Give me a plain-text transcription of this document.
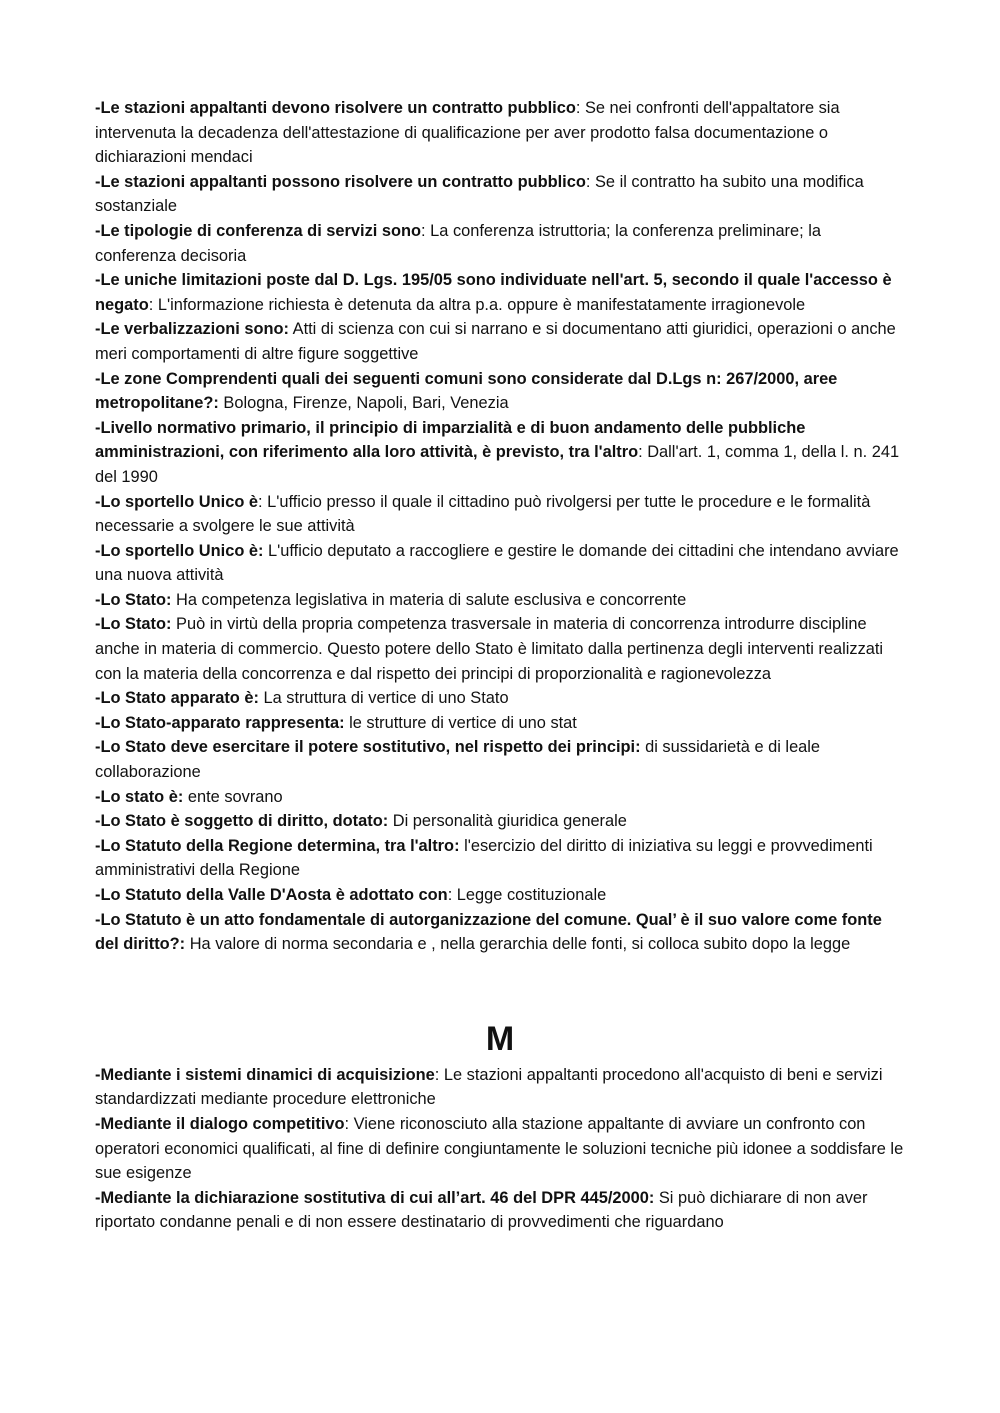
-Le stazioni appaltanti devono risolvere un contratto pubblico: Se nei confronti dell'appaltatore sia intervenuta la decadenza dell'attestazione di qualificazione per aver prodotto falsa documentazione o dichiarazioni mendaci

-Le stazioni appaltanti possono risolvere un contratto pubblico: Se il contratto ha subito una modifica sostanziale

-Le tipologie di conferenza di servizi sono: La conferenza istruttoria; la conferenza preliminare; la conferenza decisoria

-Le uniche limitazioni poste dal D. Lgs. 195/05 sono individuate nell'art. 5, secondo il quale l'accesso è negato: L'informazione richiesta è detenuta da altra p.a. oppure è manifestatamente irragionevole

-Le verbalizzazioni sono: Atti di scienza con cui si narrano e si documentano atti giuridici, operazioni o anche meri comportamenti di altre figure soggettive

-Le zone Comprendenti quali dei seguenti comuni sono considerate dal D.Lgs n: 267/2000, aree metropolitane?: Bologna, Firenze, Napoli, Bari, Venezia

-Livello normativo primario, il principio di imparzialità e di buon andamento delle pubbliche amministrazioni, con riferimento alla loro attività, è previsto, tra l'altro: Dall'art. 1, comma 1, della l. n. 241 del 1990

-Lo sportello Unico è: L'ufficio presso il quale il cittadino può rivolgersi per tutte le procedure e le formalità necessarie a svolgere le sue attività

-Lo sportello Unico è: L'ufficio deputato a raccogliere e gestire le domande dei cittadini che intendano avviare una nuova attività

-Lo Stato: Ha competenza legislativa in materia di salute esclusiva e concorrente

-Lo Stato: Può in virtù della propria competenza trasversale in materia di concorrenza introdurre discipline anche in materia di commercio. Questo potere dello Stato è limitato dalla pertinenza degli interventi realizzati con la materia della concorrenza e dal rispetto dei principi di proporzionalità e ragionevolezza

-Lo Stato apparato è: La struttura di vertice di uno Stato

-Lo Stato-apparato rappresenta: le strutture di vertice di uno stat

-Lo Stato deve esercitare il potere sostitutivo, nel rispetto dei principi: di sussidarietà e di leale collaborazione

-Lo stato è: ente sovrano

-Lo Stato è soggetto di diritto, dotato: Di personalità giuridica generale

-Lo Statuto della Regione determina, tra l'altro: l'esercizio del diritto di iniziativa su leggi e provvedimenti amministrativi della Regione

-Lo Statuto della Valle D'Aosta è adottato con: Legge costituzionale

-Lo Statuto è un atto fondamentale di autorganizzazione del comune. Qual’ è il suo valore come fonte del diritto?: Ha valore di norma secondaria e , nella gerarchia delle fonti, si colloca subito dopo la legge

M

-Mediante i sistemi dinamici di acquisizione: Le stazioni appaltanti procedono all'acquisto di beni e servizi standardizzati mediante procedure elettroniche

-Mediante il dialogo competitivo: Viene riconosciuto alla stazione appaltante di avviare un confronto con operatori economici qualificati, al fine di definire congiuntamente le soluzioni tecniche più idonee a soddisfare le sue esigenze

-Mediante la dichiarazione sostitutiva di cui all’art. 46 del DPR 445/2000: Si può dichiarare di non aver riportato condanne penali e di non essere destinatario di provvedimenti che riguardano
